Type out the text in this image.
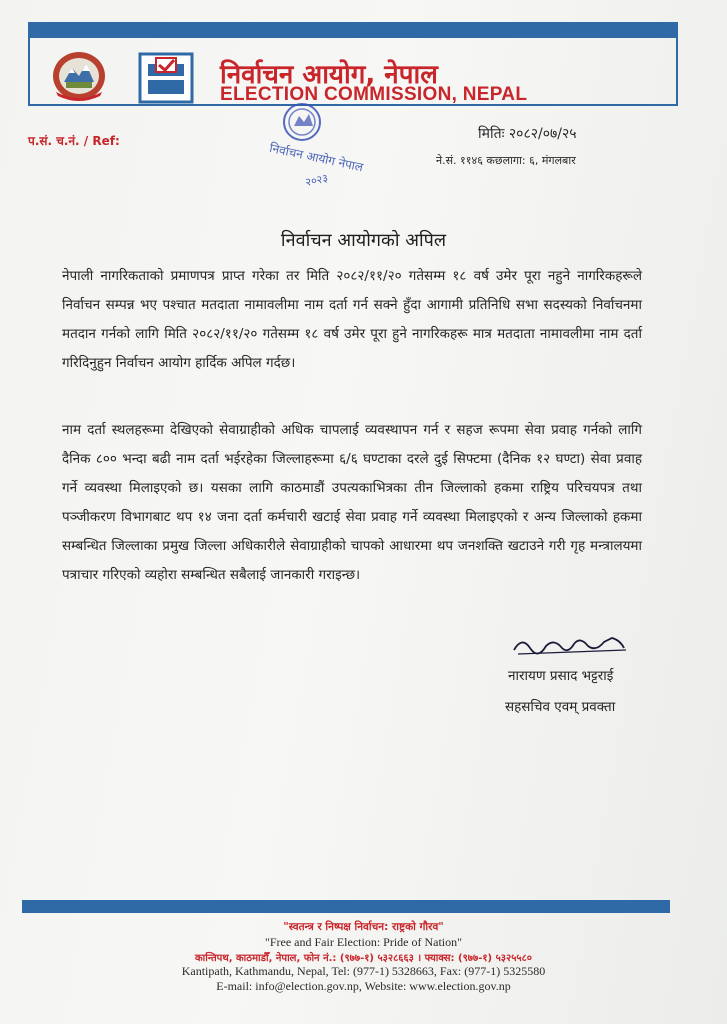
निर्वाचन आयोग, नेपाल
ELECTION COMMISSION, NEPAL
प.सं. च.नं. / Ref:	निर्वाचन आयोग नेपाल
२०२३
मितिः २०८२/०७/२५
ने.सं. ११४६ कछलागा: ६, मंगलबार
निर्वाचन आयोगको अपिल
नेपाली नागरिकताको प्रमाणपत्र प्राप्त गरेका तर मिति २०८२/११/२० गतेसम्म १८ वर्ष उमेर पूरा नहुने नागरिकहरूले निर्वाचन सम्पन्न भए पश्चात मतदाता नामावलीमा नाम दर्ता गर्न सक्ने हुँदा आगामी प्रतिनिधि सभा सदस्यको निर्वाचनमा मतदान गर्नको लागि मिति २०८२/११/२० गतेसम्म १८ वर्ष उमेर पूरा हुने नागरिकहरू मात्र मतदाता नामावलीमा नाम दर्ता गरिदिनुहुन निर्वाचन आयोग हार्दिक अपिल गर्दछ।
नाम दर्ता स्थलहरूमा देखिएको सेवाग्राहीको अधिक चापलाई व्यवस्थापन गर्न र सहज रूपमा सेवा प्रवाह गर्नको लागि दैनिक ८०० भन्दा बढी नाम दर्ता भईरहेका जिल्लाहरूमा ६/६ घण्टाका दरले दुई सिफ्टमा (दैनिक १२ घण्टा) सेवा प्रवाह गर्ने व्यवस्था मिलाइएको छ। यसका लागि काठमाडौं उपत्यकाभित्रका तीन जिल्लाको हकमा राष्ट्रिय परिचयपत्र तथा पञ्जीकरण विभागबाट थप १४ जना दर्ता कर्मचारी खटाई सेवा प्रवाह गर्ने व्यवस्था मिलाइएको र अन्य जिल्लाको हकमा सम्बन्धित जिल्लाका प्रमुख जिल्ला अधिकारीले सेवाग्राहीको चापको आधारमा थप जनशक्ति खटाउने गरी गृह मन्त्रालयमा पत्राचार गरिएको व्यहोरा सम्बन्धित सबैलाई जानकारी गराइन्छ।
नारायण प्रसाद भट्टराई
सहसचिव एवम् प्रवक्ता
"स्वतन्त्र र निष्पक्ष निर्वाचन: राष्ट्रको गौरव"
"Free and Fair Election: Pride of Nation"
कान्तिपथ, काठमाडौँ, नेपाल, फोन नं.: (९७७-१) ५३२८६६३ । फ्याक्स: (९७७-१) ५३२५५८०
Kantipath, Kathmandu, Nepal, Tel: (977-1) 5328663, Fax: (977-1) 5325580
E-mail: info@election.gov.np, Website: www.election.gov.np
